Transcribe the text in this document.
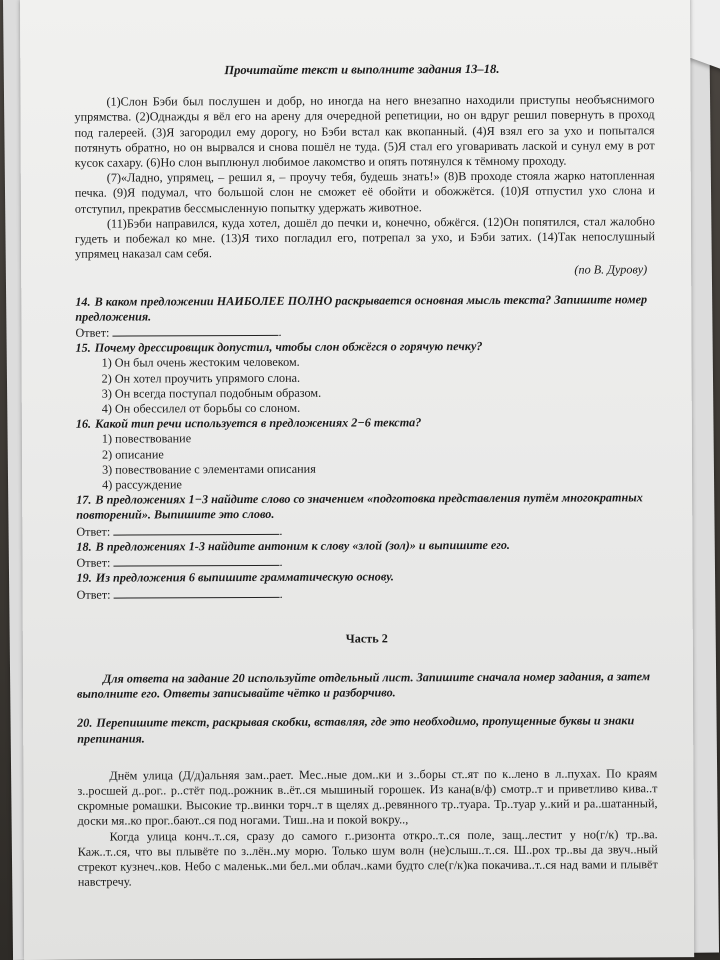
Прочитайте текст и выполните задания 13–18.

(1)Слон Бэби был послушен и добр, но иногда на него внезапно находили приступы необъяснимого упрямства. (2)Однажды я вёл его на арену для очередной репетиции, но он вдруг решил повернуть в проход под галереей. (3)Я загородил ему дорогу, но Бэби встал как вкопанный. (4)Я взял его за ухо и попытался потянуть обратно, но он вырвался и снова пошёл не туда. (5)Я стал его уговаривать лаской и сунул ему в рот кусок сахару. (6)Но слон выплюнул любимое лакомство и опять потянулся к тёмному проходу.

(7)«Ладно, упрямец, – решил я, – проучу тебя, будешь знать!» (8)В проходе стояла жарко натопленная печка. (9)Я подумал, что большой слон не сможет её обойти и обожжётся. (10)Я отпустил ухо слона и отступил, прекратив бессмысленную попытку удержать животное.

(11)Бэби направился, куда хотел, дошёл до печки и, конечно, обжёгся. (12)Он попятился, стал жалобно гудеть и побежал ко мне. (13)Я тихо погладил его, потрепал за ухо, и Бэби затих. (14)Так непослушный упрямец наказал сам себя.

(по В. Дурову)

14. В каком предложении НАИБОЛЕЕ ПОЛНО раскрывается основная мысль текста? Запишите номер предложения.

Ответ:	.

15. Почему дрессировщик допустил, чтобы слон обжёгся о горячую печку?

1) Он был очень жестоким человеком.
2) Он хотел проучить упрямого слона.
3) Он всегда поступал подобным образом.
4) Он обессилел от борьбы со слоном.

16. Какой тип речи используется в предложениях 2−6 текста?

1) повествование
2) описание
3) повествование с элементами описания
4) рассуждение

17. В предложениях 1−3 найдите слово со значением «подготовка представления путём многократных повторений». Выпишите это слово.

Ответ:	.

18. В предложениях 1-3 найдите антоним к слову «злой (зол)» и выпишите его.

Ответ:	.

19. Из предложения 6 выпишите грамматическую основу.

Ответ:	.

Часть 2

Для ответа на задание 20 используйте отдельный лист. Запишите сначала номер задания, а затем выполните его. Ответы записывайте чётко и разборчиво.

20. Перепишите текст, раскрывая скобки, вставляя, где это необходимо, пропущенные буквы и знаки препинания.

Днём улица (Д/д)альняя зам..рает. Мес..ные дом..ки и з..боры ст..ят по к..лено в л..пухах. По краям з..росшей д..рог.. р..стёт под..рожник в..ёт..ся мышиный горошек. Из кана(в/ф) смотр..т и приветливо кива..т скромные ромашки. Высокие тр..винки торч..т в щелях д..ревянного тр..туара. Тр..туар у..кий и ра..шатанный, доски мя..ко прог..бают..ся под ногами. Тиш..на и покой вокру..,

Когда улица конч..т..ся, сразу до самого г..ризонта откро..т..ся поле, защ..лестит у но(г/к) тр..ва. Каж..т..ся, что вы плывёте по з..лён..му морю. Только шум волн (не)слыш..т..ся. Ш..рох тр..вы да звуч..ный стрекот кузнеч..ков. Небо с маленьк..ми бел..ми облач..ками будто сле(г/к)ка покачива..т..ся над вами и плывёт навстречу.
